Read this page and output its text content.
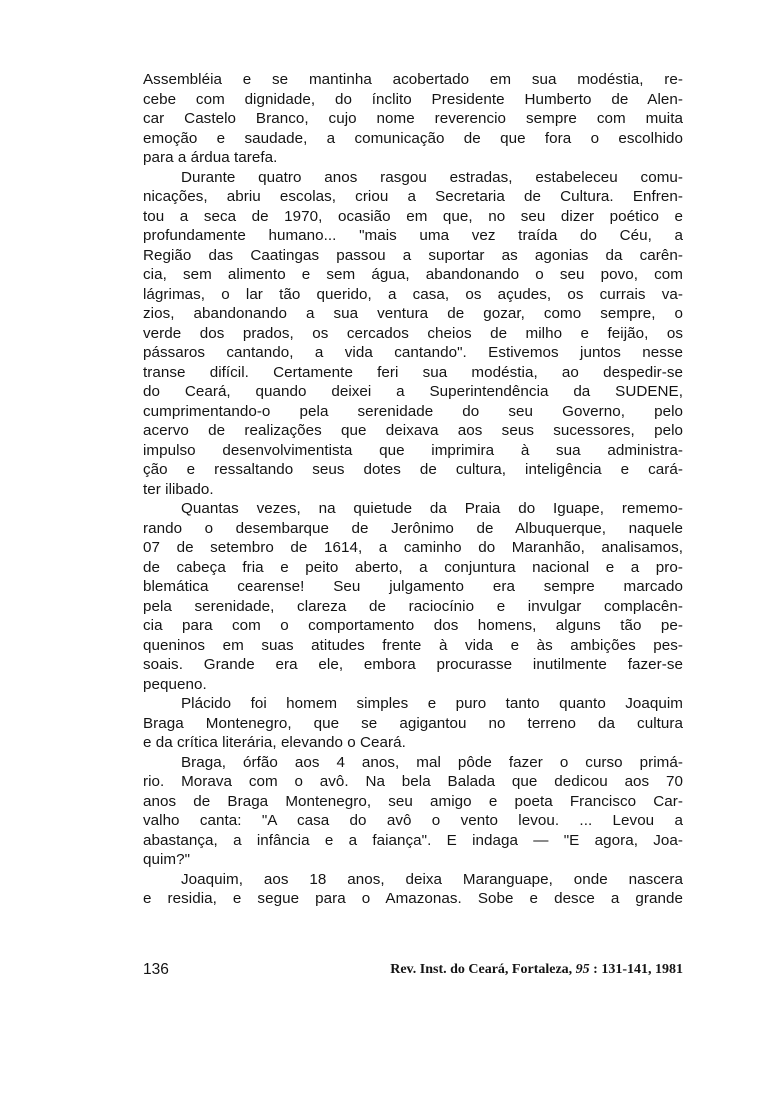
Assembléia e se mantinha acobertado em sua modéstia, re-
cebe com dignidade, do ínclito Presidente Humberto de Alen-
car Castelo Branco, cujo nome reverencio sempre com muita
emoção e saudade, a comunicação de que fora o escolhido
para a árdua tarefa.
Durante quatro anos rasgou estradas, estabeleceu comu-
nicações, abriu escolas, criou a Secretaria de Cultura. Enfren-
tou a seca de 1970, ocasião em que, no seu dizer poético e
profundamente humano... "mais uma vez traída do Céu, a
Região das Caatingas passou a suportar as agonias da carên-
cia, sem alimento e sem água, abandonando o seu povo, com
lágrimas, o lar tão querido, a casa, os açudes, os currais va-
zios, abandonando a sua ventura de gozar, como sempre, o
verde dos prados, os cercados cheios de milho e feijão, os
pássaros cantando, a vida cantando". Estivemos juntos nesse
transe difícil. Certamente feri sua modéstia, ao despedir-se
do Ceará, quando deixei a Superintendência da SUDENE,
cumprimentando-o pela serenidade do seu Governo, pelo
acervo de realizações que deixava aos seus sucessores, pelo
impulso desenvolvimentista que imprimira à sua administra-
ção e ressaltando seus dotes de cultura, inteligência e cará-
ter ilibado.
Quantas vezes, na quietude da Praia do Iguape, rememo-
rando o desembarque de Jerônimo de Albuquerque, naquele
07 de setembro de 1614, a caminho do Maranhão, analisamos,
de cabeça fria e peito aberto, a conjuntura nacional e a pro-
blemática cearense! Seu julgamento era sempre marcado
pela serenidade, clareza de raciocínio e invulgar complacên-
cia para com o comportamento dos homens, alguns tão pe-
queninos em suas atitudes frente à vida e às ambições pes-
soais. Grande era ele, embora procurasse inutilmente fazer-se
pequeno.
Plácido foi homem simples e puro tanto quanto Joaquim
Braga Montenegro, que se agigantou no terreno da cultura
e da crítica literária, elevando o Ceará.
Braga, órfão aos 4 anos, mal pôde fazer o curso primá-
rio. Morava com o avô. Na bela Balada que dedicou aos 70
anos de Braga Montenegro, seu amigo e poeta Francisco Car-
valho canta: "A casa do avô o vento levou. ... Levou a
abastança, a infância e a faiança". E indaga — "E agora, Joa-
quim?"
Joaquim, aos 18 anos, deixa Maranguape, onde nascera
e residia, e segue para o Amazonas. Sobe e desce a grande
136	Rev. Inst. do Ceará, Fortaleza, 95 : 131-141, 1981
